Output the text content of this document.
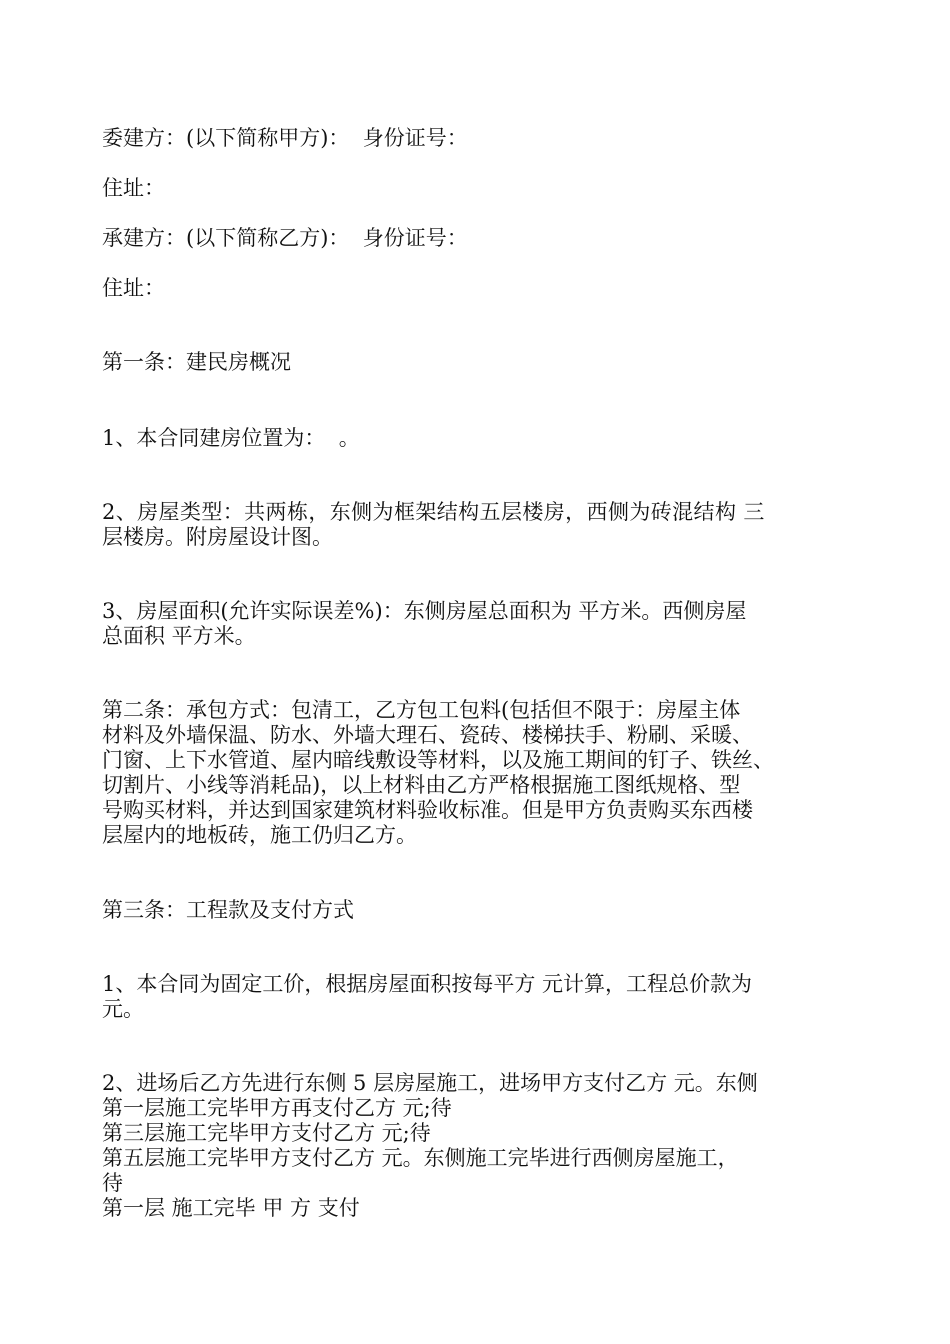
委建方：(以下简称甲方)：  身份证号：
住址：
承建方：(以下简称乙方)：  身份证号：
住址：
第一条：建民房概况
1、本合同建房位置为：  。
2、房屋类型：共两栋，东侧为框架结构五层楼房，西侧为砖混结构 三
层楼房。附房屋设计图。
3、房屋面积(允许实际误差%)：东侧房屋总面积为 平方米。西侧房屋
总面积 平方米。
第二条：承包方式：包清工，乙方包工包料(包括但不限于：房屋主体
材料及外墙保温、防水、外墙大理石、瓷砖、楼梯扶手、粉刷、采暖、
门窗、上下水管道、屋内暗线敷设等材料，以及施工期间的钉子、铁丝、
切割片、小线等消耗品)，以上材料由乙方严格根据施工图纸规格、型
号购买材料，并达到国家建筑材料验收标准。但是甲方负责购买东西楼
层屋内的地板砖，施工仍归乙方。
第三条：工程款及支付方式
1、本合同为固定工价，根据房屋面积按每平方 元计算，工程总价款为
元。
2、进场后乙方先进行东侧 5 层房屋施工，进场甲方支付乙方 元。东侧
第一层施工完毕甲方再支付乙方 元;待
第三层施工完毕甲方支付乙方 元;待
第五层施工完毕甲方支付乙方 元。东侧施工完毕进行西侧房屋施工，
待
第一层 施工完毕 甲 方 支付
